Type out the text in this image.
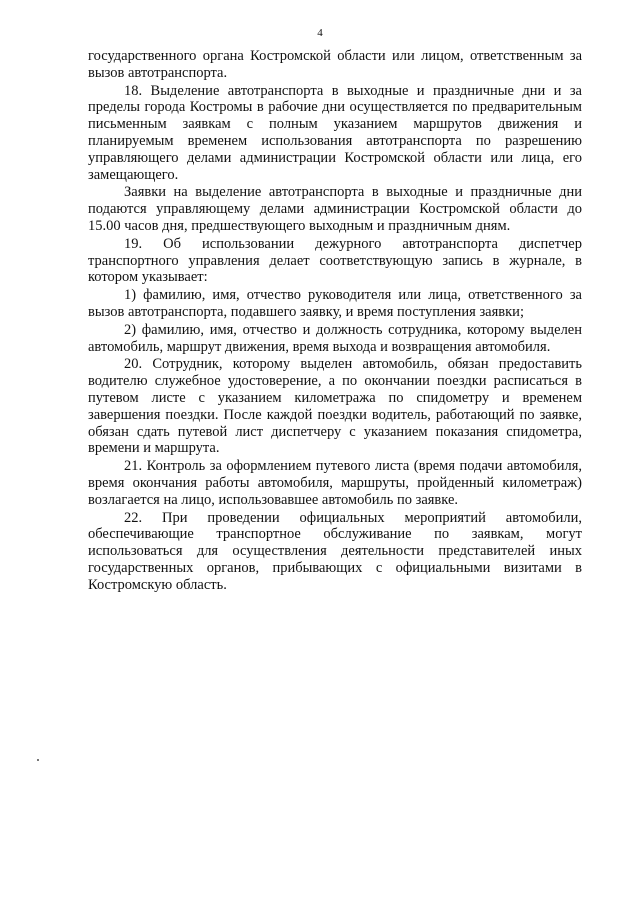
4

государственного органа Костромской области или лицом, ответственным за вызов автотранспорта.

18. Выделение автотранспорта в выходные и праздничные дни и за пределы города Костромы в рабочие дни осуществляется по предварительным письменным заявкам с полным указанием маршрутов движения и планируемым временем использования автотранспорта по разрешению управляющего делами администрации Костромской области или лица, его замещающего.

Заявки на выделение автотранспорта в выходные и праздничные дни подаются управляющему делами администрации Костромской области до 15.00 часов дня, предшествующего выходным и праздничным дням.

19. Об использовании дежурного автотранспорта диспетчер транспортного управления делает соответствующую запись в журнале, в котором указывает:

1) фамилию, имя, отчество руководителя или лица, ответственного за вызов автотранспорта, подавшего заявку, и время поступления заявки;

2) фамилию, имя, отчество и должность сотрудника, которому выделен автомобиль, маршрут движения, время выхода и возвращения автомобиля.

20. Сотрудник, которому выделен автомобиль, обязан предоставить водителю служебное удостоверение, а по окончании поездки расписаться в путевом листе с указанием километража по спидометру и временем завершения поездки. После каждой поездки водитель, работающий по заявке, обязан сдать путевой лист диспетчеру с указанием показания спидометра, времени и маршрута.

21. Контроль за оформлением путевого листа (время подачи автомобиля, время окончания работы автомобиля, маршруты, пройденный километраж) возлагается на лицо, использовавшее автомобиль по заявке.

22. При проведении официальных мероприятий автомобили, обеспечивающие транспортное обслуживание по заявкам, могут использоваться для осуществления деятельности представителей иных государственных органов, прибывающих с официальными визитами в Костромскую область.
